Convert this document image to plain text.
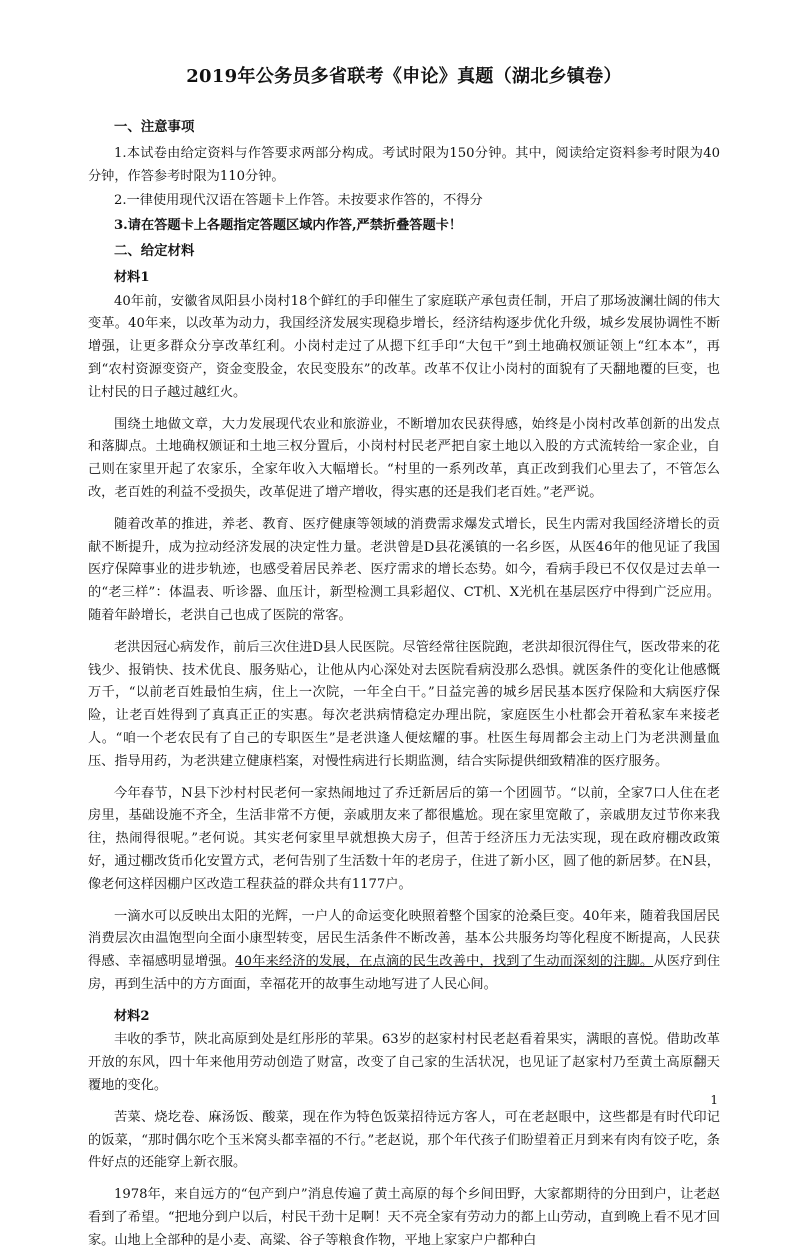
2019年公务员多省联考《申论》真题（湖北乡镇卷）
一、注意事项

1.本试卷由给定资料与作答要求两部分构成。考试时限为150分钟。其中，阅读给定资料参考时限为40分钟，作答参考时限为110分钟。

2.一律使用现代汉语在答题卡上作答。未按要求作答的，不得分

3.请在答题卡上各题指定答题区域内作答,严禁折叠答题卡！

二、给定材料
材料1

40年前，安徽省凤阳县小岗村18个鲜红的手印催生了家庭联产承包责任制，开启了那场波澜壮阔的伟大变革。40年来，以改革为动力，我国经济发展实现稳步增长，经济结构逐步优化升级，城乡发展协调性不断增强，让更多群众分享改革红利。小岗村走过了从摁下红手印“大包干”到土地确权颁证领上“红本本”，再到“农村资源变资产，资金变股金，农民变股东”的改革。改革不仅让小岗村的面貌有了天翻地覆的巨变，也让村民的日子越过越红火。

围绕土地做文章，大力发展现代农业和旅游业，不断增加农民获得感，始终是小岗村改革创新的出发点和落脚点。土地确权颁证和土地三权分置后，小岗村村民老严把自家土地以入股的方式流转给一家企业，自己则在家里开起了农家乐，全家年收入大幅增长。“村里的一系列改革，真正改到我们心里去了，不管怎么改，老百姓的利益不受损失，改革促进了增产增收，得实惠的还是我们老百姓。”老严说。

随着改革的推进，养老、教育、医疗健康等领域的消费需求爆发式增长，民生内需对我国经济增长的贡献不断提升，成为拉动经济发展的决定性力量。老洪曾是D县花溪镇的一名乡医，从医46年的他见证了我国医疗保障事业的进步轨迹，也感受着居民养老、医疗需求的增长态势。如今，看病手段已不仅仅是过去单一的“老三样”：体温表、听诊器、血压计，新型检测工具彩超仪、CT机、X光机在基层医疗中得到广泛应用。随着年龄增长，老洪自己也成了医院的常客。

老洪因冠心病发作，前后三次住进D县人民医院。尽管经常往医院跑，老洪却很沉得住气，医改带来的花钱少、报销快、技术优良、服务贴心，让他从内心深处对去医院看病没那么恐惧。就医条件的变化让他感慨万千，“以前老百姓最怕生病，住上一次院，一年全白干。”日益完善的城乡居民基本医疗保险和大病医疗保险，让老百姓得到了真真正正的实惠。每次老洪病情稳定办理出院，家庭医生小杜都会开着私家车来接老人。“咱一个老农民有了自己的专职医生”是老洪逢人便炫耀的事。杜医生每周都会主动上门为老洪测量血压、指导用药，为老洪建立健康档案，对慢性病进行长期监测，结合实际提供细致精准的医疗服务。

今年春节，N县下沙村村民老何一家热闹地过了乔迁新居后的第一个团圆节。“以前，全家7口人住在老房里，基础设施不齐全，生活非常不方便，亲戚朋友来了都很尴尬。现在家里宽敞了，亲戚朋友过节你来我往，热闹得很呢。”老何说。其实老何家里早就想换大房子，但苦于经济压力无法实现，现在政府棚改政策好，通过棚改货币化安置方式，老何告别了生活数十年的老房子，住进了新小区，圆了他的新居梦。在N县，像老何这样因棚户区改造工程获益的群众共有1177户。

一滴水可以反映出太阳的光辉，一户人的命运变化映照着整个国家的沧桑巨变。40年来，随着我国居民消费层次由温饱型向全面小康型转变，居民生活条件不断改善，基本公共服务均等化程度不断提高，人民获得感、幸福感明显增强。40年来经济的发展，在点滴的民生改善中，找到了生动而深刻的注脚。从医疗到住房，再到生活中的方方面面，幸福花开的故事生动地写进了人民心间。

材料2

丰收的季节，陕北高原到处是红彤彤的苹果。63岁的赵家村村民老赵看着果实，满眼的喜悦。借助改革开放的东风，四十年来他用劳动创造了财富，改变了自己家的生活状况，也见证了赵家村乃至黄土高原翻天覆地的变化。

苦菜、烧圪卷、麻汤饭、酸菜，现在作为特色饭菜招待远方客人，可在老赵眼中，这些都是有时代印记的饭菜，“那时偶尔吃个玉米窝头都幸福的不行。”老赵说，那个年代孩子们盼望着正月到来有肉有饺子吃，条件好点的还能穿上新衣服。

1978年，来自远方的“包产到户”消息传遍了黄土高原的每个乡间田野，大家都期待的分田到户，让老赵看到了希望。“把地分到户以后，村民干劲十足啊！天不亮全家有劳动力的都上山劳动，直到晚上看不见才回家。山地上全部种的是小麦、高粱、谷子等粮食作物，平地上家家户户都种白

1
